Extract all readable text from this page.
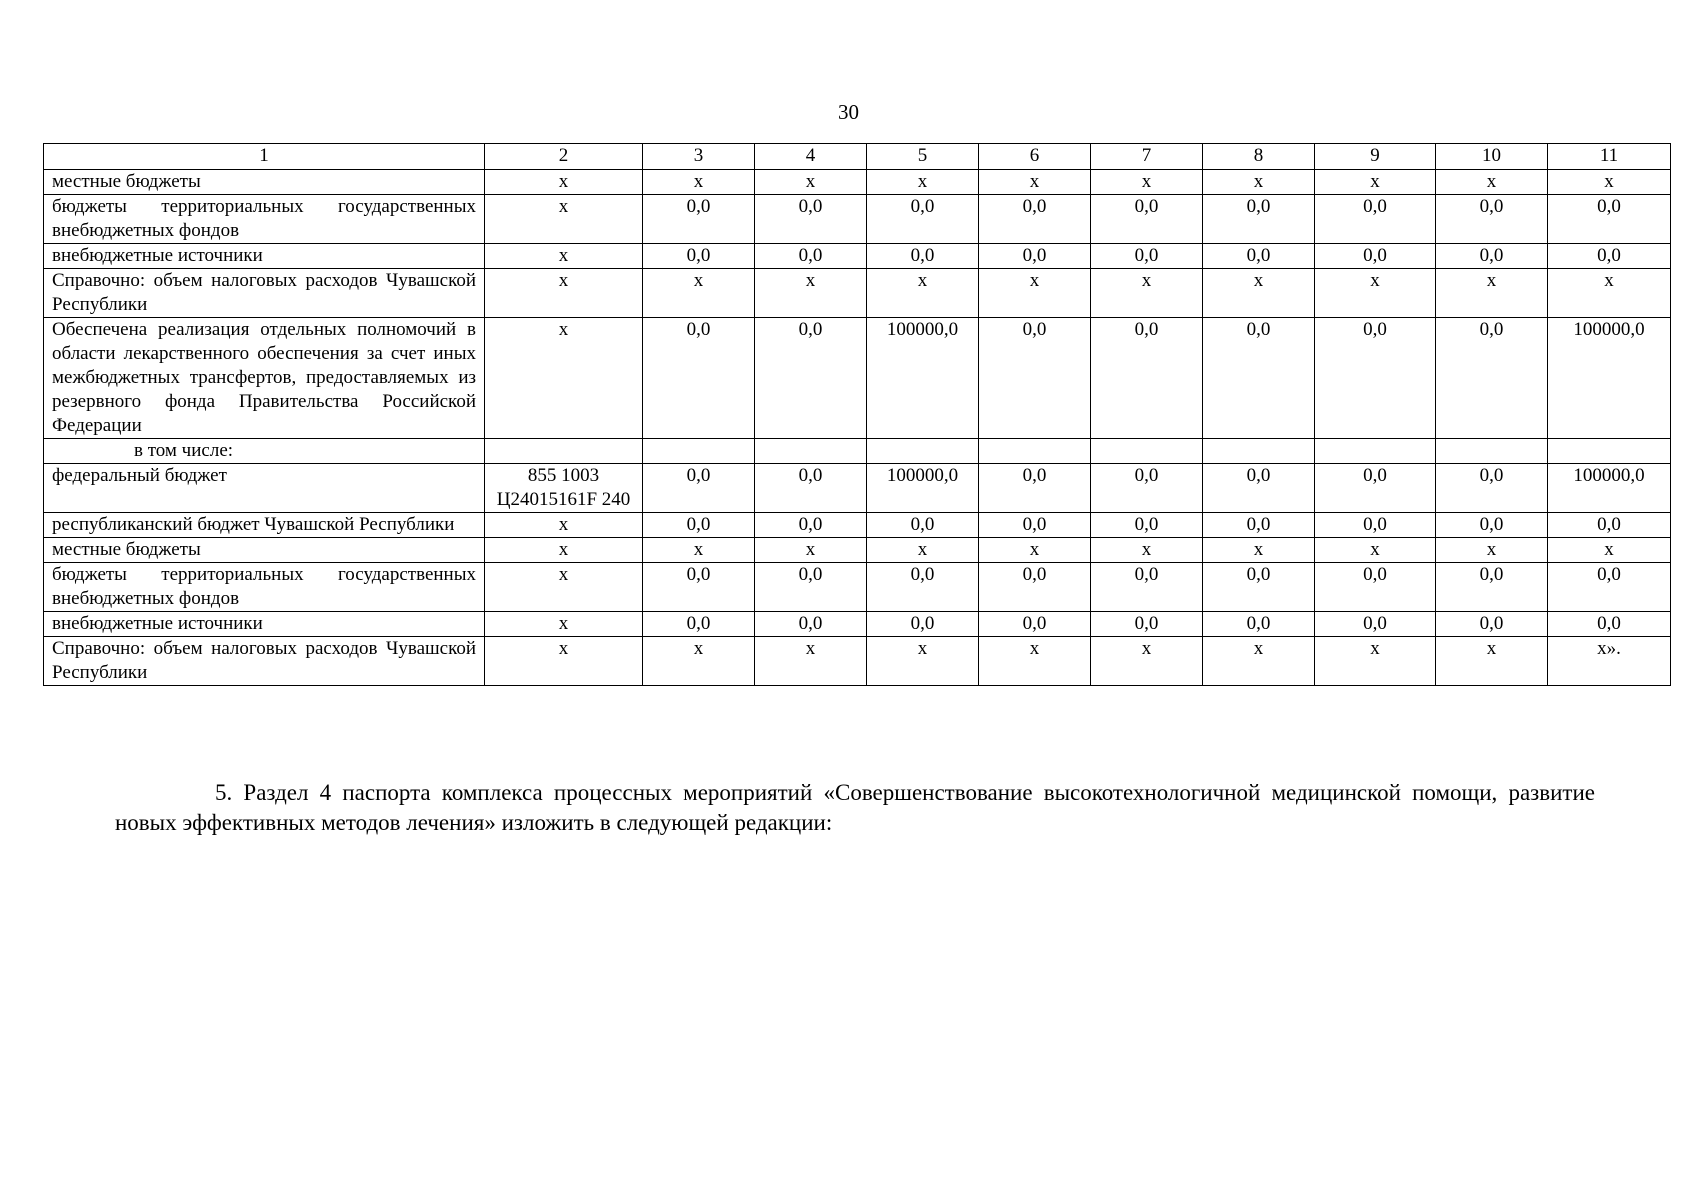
30
1	2	3	4	5	6	7	8	9	10	11
местные бюджеты	x	x	x	x	x	x	x	x	x	x
бюджеты территориальных государственных внебюджетных фондов	x	0,0	0,0	0,0	0,0	0,0	0,0	0,0	0,0	0,0
внебюджетные источники	x	0,0	0,0	0,0	0,0	0,0	0,0	0,0	0,0	0,0
Справочно: объем налоговых расходов Чувашской Республики	x	x	x	x	x	x	x	x	x	x
Обеспечена реализация отдельных полномочий в области лекарственного обеспечения за счет иных межбюджетных трансфертов, предоставляемых из резервного фонда Правительства Российской Федерации	x	0,0	0,0	100000,0	0,0	0,0	0,0	0,0	0,0	100000,0
в том числе:										
федеральный бюджет	855 1003 Ц24015161F 240	0,0	0,0	100000,0	0,0	0,0	0,0	0,0	0,0	100000,0
республиканский бюджет Чувашской Республики	x	0,0	0,0	0,0	0,0	0,0	0,0	0,0	0,0	0,0
местные бюджеты	x	x	x	x	x	x	x	x	x	x
бюджеты территориальных государственных внебюджетных фондов	x	0,0	0,0	0,0	0,0	0,0	0,0	0,0	0,0	0,0
внебюджетные источники	x	0,0	0,0	0,0	0,0	0,0	0,0	0,0	0,0	0,0
Справочно: объем налоговых расходов Чувашской Республики	x	x	x	x	x	x	x	x	x	x».
5. Раздел 4 паспорта комплекса процессных мероприятий «Совершенствование высокотехнологичной медицинской помощи, развитие новых эффективных методов лечения» изложить в следующей редакции:
